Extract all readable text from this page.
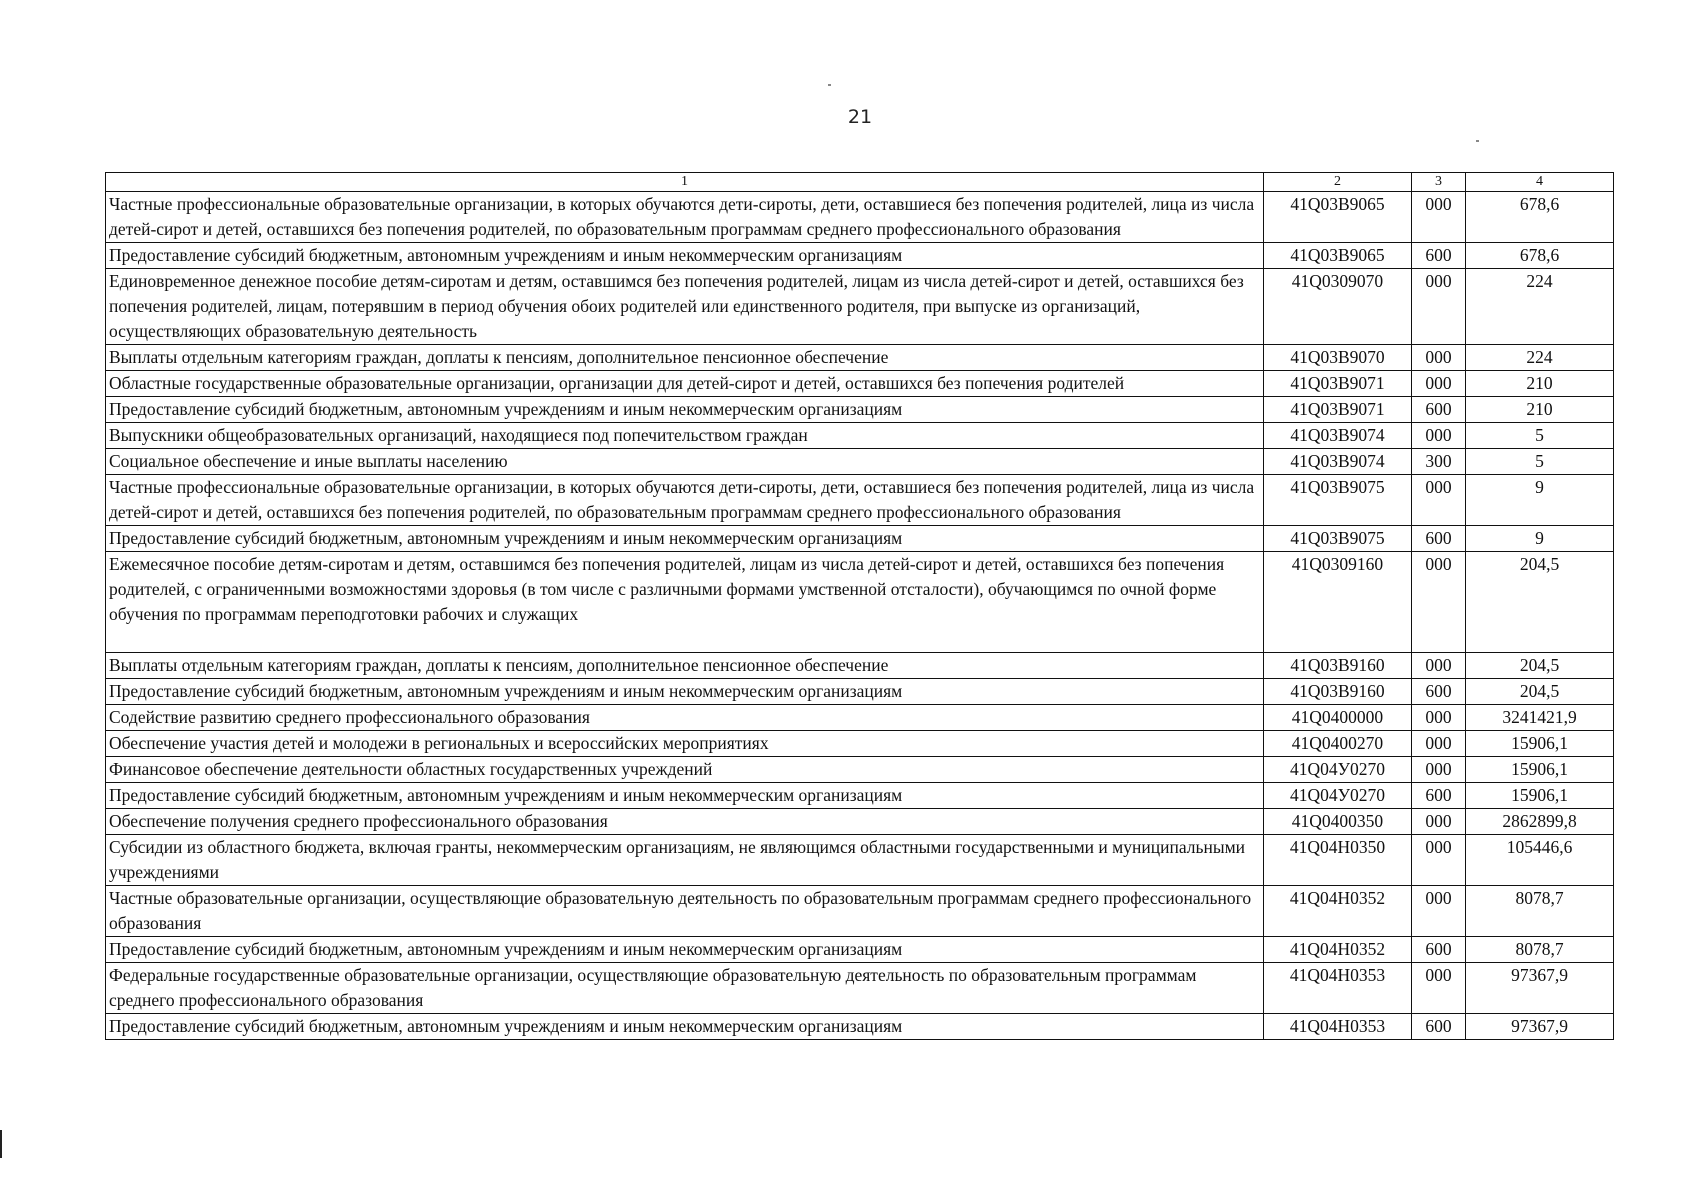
21
1	2	3	4
Частные профессиональные образовательные организации, в которых обучаются дети-сироты, дети, оставшиеся без попечения родителей, лица из числа детей-сирот и детей, оставшихся без попечения родителей, по образовательным программам среднего профессионального образования	41Q03B9065	000	678,6
Предоставление субсидий бюджетным, автономным учреждениям и иным некоммерческим организациям	41Q03B9065	600	678,6
Единовременное денежное пособие детям-сиротам и детям, оставшимся без попечения родителей, лицам из числа детей-сирот и детей, оставшихся без попечения родителей, лицам, потерявшим в период обучения обоих родителей или единственного родителя, при выпуске из организаций, осуществляющих образовательную деятельность	41Q0309070	000	224
Выплаты отдельным категориям граждан, доплаты к пенсиям, дополнительное пенсионное обеспечение	41Q03B9070	000	224
Областные государственные образовательные организации, организации для детей-сирот и детей, оставшихся без попечения родителей	41Q03B9071	000	210
Предоставление субсидий бюджетным, автономным учреждениям и иным некоммерческим организациям	41Q03B9071	600	210
Выпускники общеобразовательных организаций, находящиеся под попечительством граждан	41Q03B9074	000	5
Социальное обеспечение и иные выплаты населению	41Q03B9074	300	5
Частные профессиональные образовательные организации, в которых обучаются дети-сироты, дети, оставшиеся без попечения родителей, лица из числа детей-сирот и детей, оставшихся без попечения родителей, по образовательным программам среднего профессионального образования	41Q03B9075	000	9
Предоставление субсидий бюджетным, автономным учреждениям и иным некоммерческим организациям	41Q03B9075	600	9
Ежемесячное пособие детям-сиротам и детям, оставшимся без попечения родителей, лицам из числа детей-сирот и детей, оставшихся без попечения родителей, с ограниченными возможностями здоровья (в том числе с различными формами умственной отсталости), обучающимся по очной форме обучения по программам переподготовки рабочих и служащих	41Q0309160	000	204,5
Выплаты отдельным категориям граждан, доплаты к пенсиям, дополнительное пенсионное обеспечение	41Q03B9160	000	204,5
Предоставление субсидий бюджетным, автономным учреждениям и иным некоммерческим организациям	41Q03B9160	600	204,5
Содействие развитию среднего профессионального образования	41Q0400000	000	3241421,9
Обеспечение участия детей и молодежи в региональных и всероссийских мероприятиях	41Q0400270	000	15906,1
Финансовое обеспечение деятельности областных государственных учреждений	41Q04У0270	000	15906,1
Предоставление субсидий бюджетным, автономным учреждениям и иным некоммерческим организациям	41Q04У0270	600	15906,1
Обеспечение получения среднего профессионального образования	41Q0400350	000	2862899,8
Субсидии из областного бюджета, включая гранты, некоммерческим организациям, не являющимся областными государственными и муниципальными учреждениями	41Q04H0350	000	105446,6
Частные образовательные организации, осуществляющие образовательную деятельность по образовательным программам среднего профессионального образования	41Q04H0352	000	8078,7
Предоставление субсидий бюджетным, автономным учреждениям и иным некоммерческим организациям	41Q04H0352	600	8078,7
Федеральные государственные образовательные организации, осуществляющие образовательную деятельность по образовательным программам среднего профессионального образования	41Q04H0353	000	97367,9
Предоставление субсидий бюджетным, автономным учреждениям и иным некоммерческим организациям	41Q04H0353	600	97367,9
